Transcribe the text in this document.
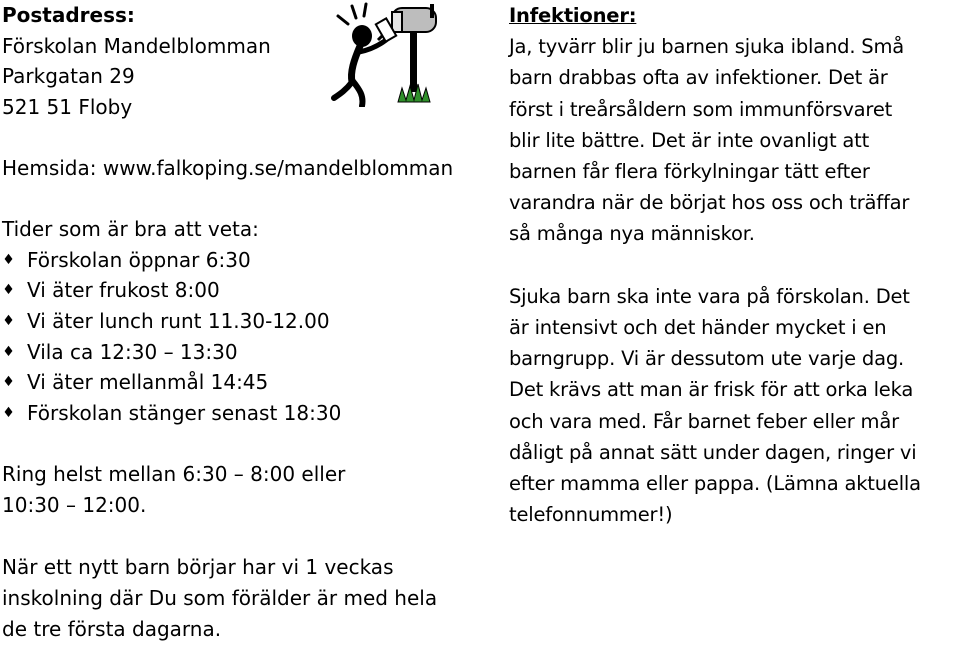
Postadress:
Förskolan Mandelblomman
Parkgatan 29
521 51 Floby
Hemsida: www.falkoping.se/mandelblomman
Tider som är bra att veta:
♦ Förskolan öppnar 6:30
♦ Vi äter frukost 8:00
♦ Vi äter lunch runt 11.30-12.00
♦ Vila ca 12:30 – 13:30
♦ Vi äter mellanmål 14:45
♦ Förskolan stänger senast 18:30
Ring helst mellan 6:30 – 8:00 eller
10:30 – 12:00.
När ett nytt barn börjar har vi 1 veckas
inskolning där Du som förälder är med hela
de tre första dagarna.
Infektioner:
Ja, tyvärr blir ju barnen sjuka ibland. Små
barn drabbas ofta av infektioner. Det är
först i treårsåldern som immunförsvaret
blir lite bättre. Det är inte ovanligt att
barnen får flera förkylningar tätt efter
varandra när de börjat hos oss och träffar
så många nya människor.
Sjuka barn ska inte vara på förskolan. Det
är intensivt och det händer mycket i en
barngrupp. Vi är dessutom ute varje dag.
Det krävs att man är frisk för att orka leka
och vara med. Får barnet feber eller mår
dåligt på annat sätt under dagen, ringer vi
efter mamma eller pappa. (Lämna aktuella
telefonnummer!)
